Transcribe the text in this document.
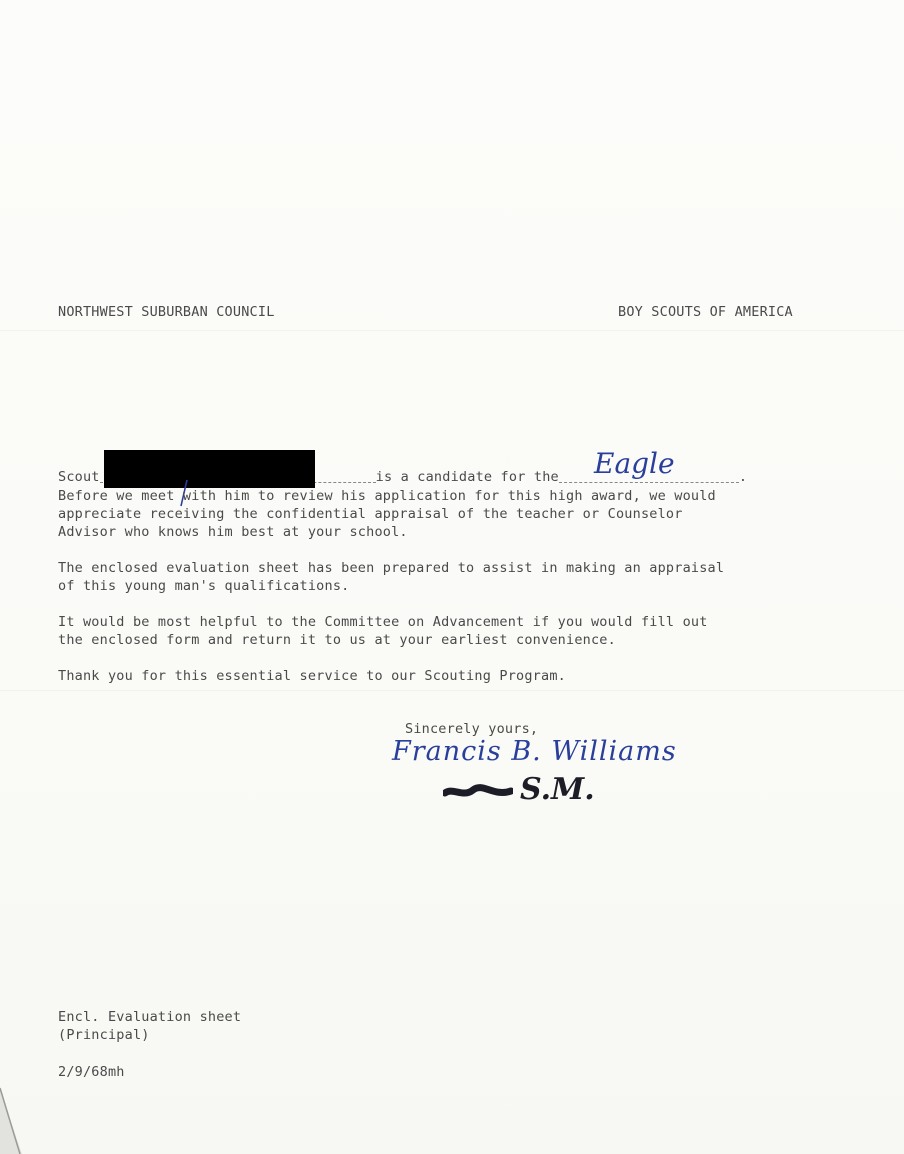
NORTHWEST SUBURBAN COUNCIL	BOY SCOUTS OF AMERICA
Scout	is a candidate for the	.
Eagle
Before we meet with him to review his application for this high award, we would
appreciate receiving the confidential appraisal of the teacher or Counselor
Advisor who knows him best at your school.
The enclosed evaluation sheet has been prepared to assist in making an appraisal
of this young man's qualifications.
It would be most helpful to the Committee on Advancement if you would fill out
the enclosed form and return it to us at your earliest convenience.
Thank you for this essential service to our Scouting Program.
Sincerely yours,
Francis B. Williams
S.M.
Encl. Evaluation sheet
(Principal)
2/9/68mh
